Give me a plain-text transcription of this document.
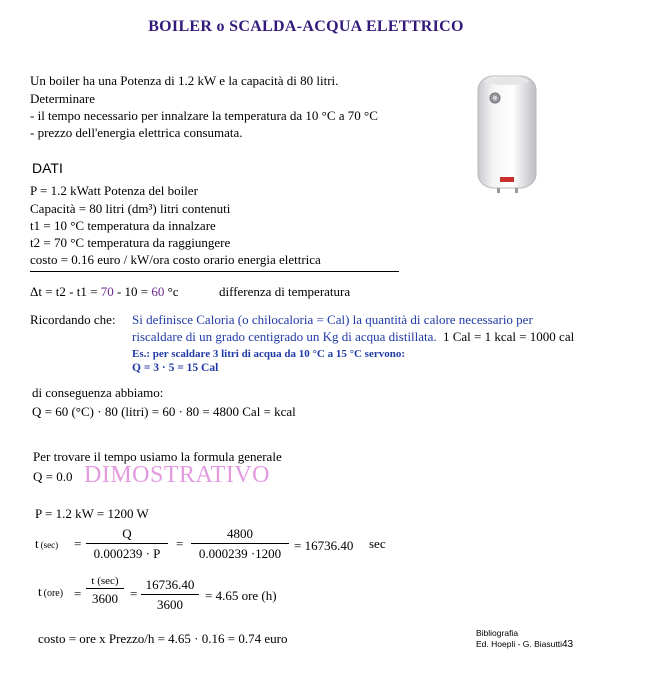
BOILER o SCALDA-ACQUA ELETTRICO
Un boiler ha una Potenza di 1.2 kW e la capacità di 80 litri.
Determinare
- il tempo necessario per innalzare la temperatura da 10 °C a 70 °C
- prezzo dell'energia elettrica consumata.
DATI
P = 1.2 kWatt Potenza del boiler
Capacità = 80 litri (dm³) litri contenuti
t1 = 10 °C temperatura da innalzare
t2 = 70 °C temperatura da raggiungere
costo = 0.16 euro / kW/ora costo orario energia elettrica
Δt = t2 - t1 = 70 - 10 = 60 °c	differenza di temperatura
Ricordando che: Si definisce Caloria (o chilocaloria = Cal) la quantità di calore necessario per
riscaldare di un grado centigrado un Kg di acqua distillata. 1 Cal = 1 kcal = 1000 cal
Es.: per scaldare 3 litri di acqua da 10 °C a 15 °C servono:
Q = 3 · 5 = 15 Cal
di conseguenza abbiamo:
Q = 60 (°C) · 80 (litri) = 60 · 80 = 4800 Cal = kcal
Per trovare il tempo usiamo la formula generale
Q = 0.0 DIMOSTRATIVO
P = 1.2 kW = 1200 W
t $(\sec) = \frac{Q}{0.000239 \cdot P} = \frac{4800}{0.000239 \cdot 1200} = 16736.40$ sec
t (ore) =
t (sec)
$3600 = \frac{16736.40}{3600} = 4.65$ ore (h)
costo = ore x Prezzo/h = 4.65 · 0.16 = 0.74 euro	Bibliografia
Ed. Hoepli - G. Biasutti43
